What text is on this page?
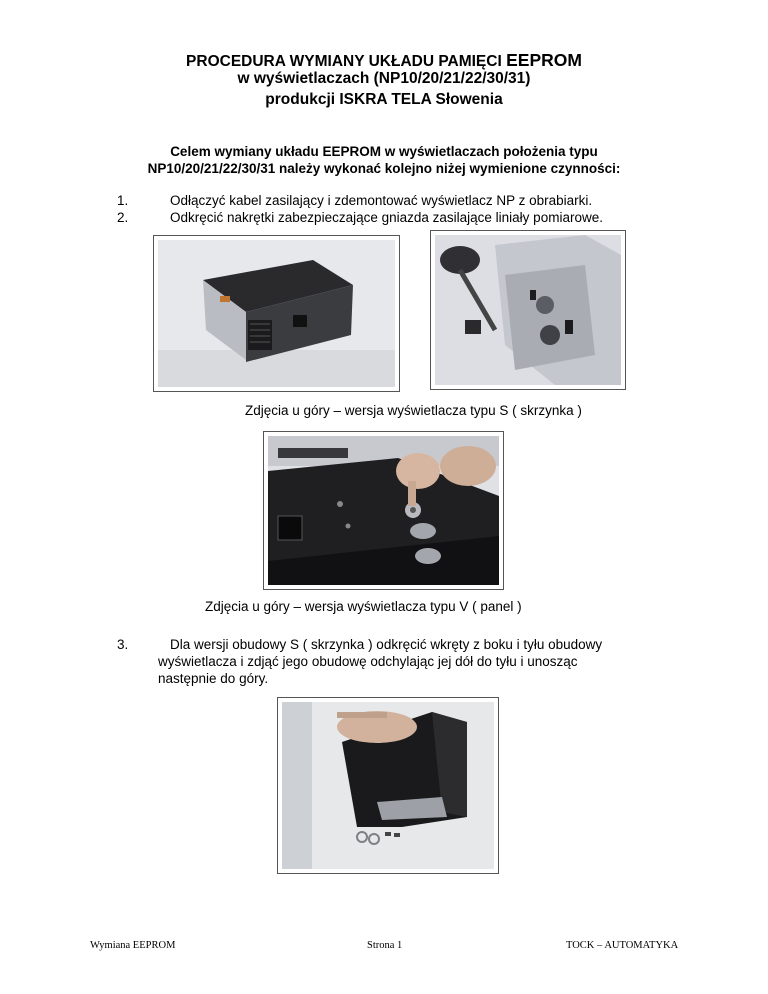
PROCEDURA WYMIANY UKŁADU PAMIĘCI EEPROM
w wyświetlaczach (NP10/20/21/22/30/31)
produkcji ISKRA TELA Słowenia
Celem wymiany układu EEPROM w wyświetlaczach położenia typu
NP10/20/21/22/30/31 należy wykonać kolejno niżej wymienione czynności:
1.	Odłączyć kabel zasilający i zdemontować wyświetlacz NP z obrabiarki.
2.	Odkręcić nakrętki zabezpieczające gniazda zasilające liniały pomiarowe.
Zdjęcia u góry – wersja wyświetlacza typu S ( skrzynka )
Zdjęcia u góry – wersja wyświetlacza typu V ( panel )
3.	Dla wersji obudowy S ( skrzynka ) odkręcić wkręty z boku i tyłu obudowy
wyświetlacza i zdjąć jego obudowę odchylając jej dół do tyłu i unosząc
następnie do góry.
Wymiana EEPROM	Strona 1	TOCK – AUTOMATYKA
